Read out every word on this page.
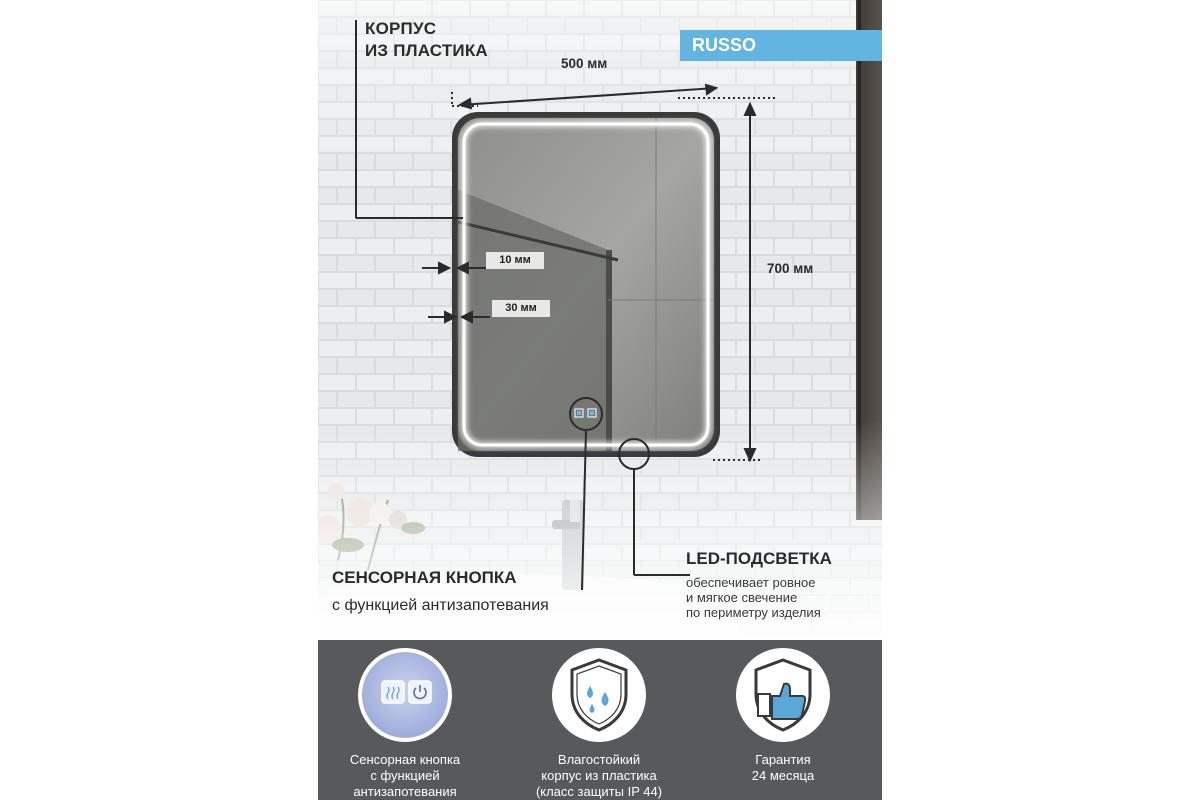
КОРПУС
ИЗ ПЛАСТИКА	RUSSO
500 мм
700 мм
10 мм
30 мм
СЕНСОРНАЯ КНОПКА
с функцией антизапотевания
LED-ПОДСВЕТКА
обеспечивает ровное
и мягкое свечение
по периметру изделия
Сенсорная кнопка
с функцией
антизапотевания
Влагостойкий
корпус из пластика
(класс защиты IP 44)
Гарантия
24 месяца
